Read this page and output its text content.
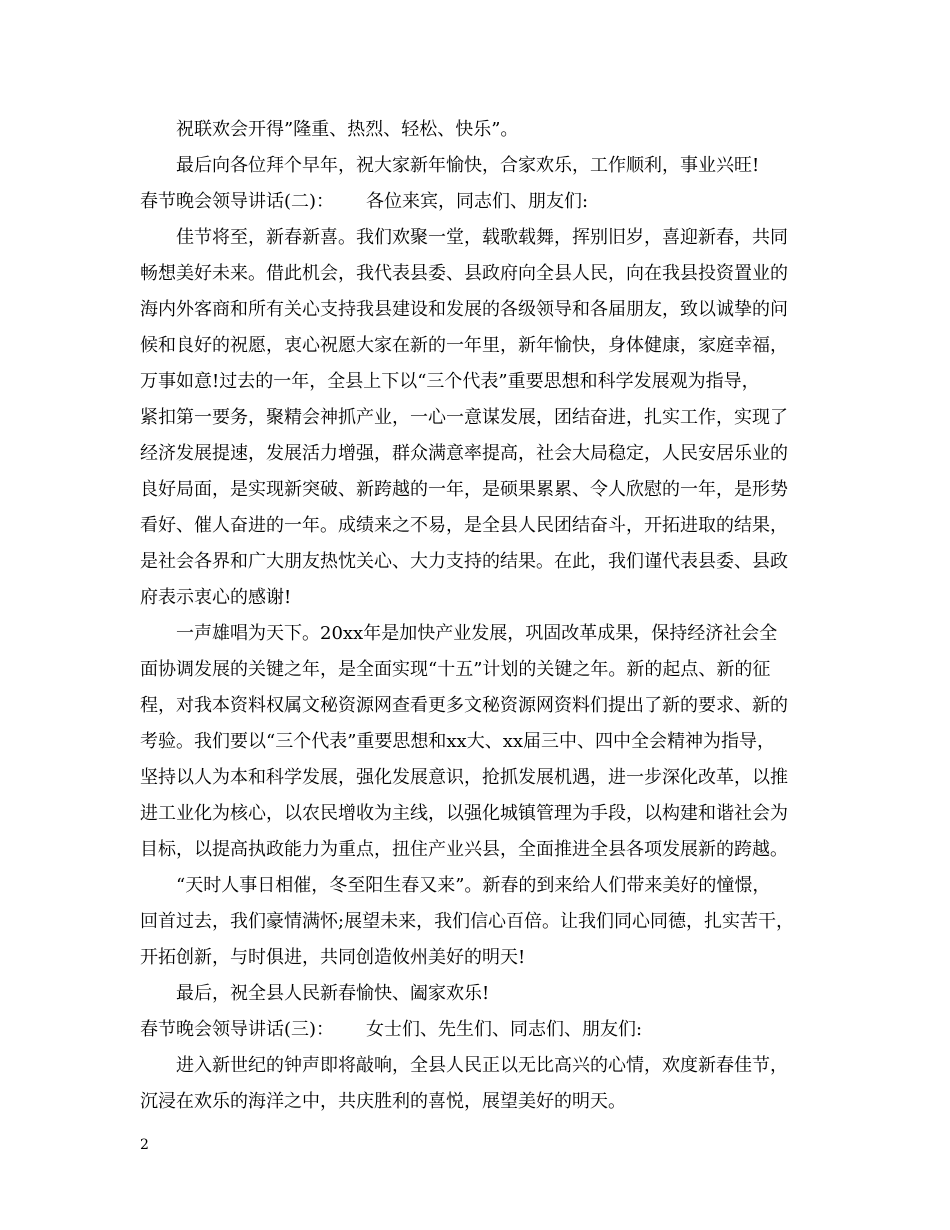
祝联欢会开得”隆重、热烈、轻松、快乐”。
最后向各位拜个早年，祝大家新年愉快，合家欢乐，工作顺利，事业兴旺!
春节晚会领导讲话(二)： 各位来宾，同志们、朋友们:
佳节将至，新春新喜。我们欢聚一堂，载歌载舞，挥别旧岁，喜迎新春，共同
畅想美好未来。借此机会，我代表县委、县政府向全县人民，向在我县投资置业的
海内外客商和所有关心支持我县建设和发展的各级领导和各届朋友，致以诚挚的问
候和良好的祝愿，衷心祝愿大家在新的一年里，新年愉快，身体健康，家庭幸福，
万事如意!过去的一年，全县上下以“三个代表”重要思想和科学发展观为指导，
紧扣第一要务，聚精会神抓产业，一心一意谋发展，团结奋进，扎实工作，实现了
经济发展提速，发展活力增强，群众满意率提高，社会大局稳定，人民安居乐业的
良好局面，是实现新突破、新跨越的一年，是硕果累累、令人欣慰的一年，是形势
看好、催人奋进的一年。成绩来之不易，是全县人民团结奋斗，开拓进取的结果，
是社会各界和广大朋友热忱关心、大力支持的结果。在此，我们谨代表县委、县政
府表示衷心的感谢!
一声雄唱为天下。20xx年是加快产业发展，巩固改革成果，保持经济社会全
面协调发展的关键之年，是全面实现“十五”计划的关键之年。新的起点、新的征
程，对我本资料权属文秘资源网查看更多文秘资源网资料们提出了新的要求、新的
考验。我们要以“三个代表”重要思想和xx大、xx届三中、四中全会精神为指导，
坚持以人为本和科学发展，强化发展意识，抢抓发展机遇，进一步深化改革，以推
进工业化为核心，以农民增收为主线，以强化城镇管理为手段，以构建和谐社会为
目标，以提高执政能力为重点，扭住产业兴县，全面推进全县各项发展新的跨越。
“天时人事日相催，冬至阳生春又来”。新春的到来给人们带来美好的憧憬，
回首过去，我们豪情满怀;展望未来，我们信心百倍。让我们同心同德，扎实苦干，
开拓创新，与时俱进，共同创造攸州美好的明天!
最后，祝全县人民新春愉快、阖家欢乐!
春节晚会领导讲话(三)： 女士们、先生们、同志们、朋友们:
进入新世纪的钟声即将敲响，全县人民正以无比高兴的心情，欢度新春佳节，
沉浸在欢乐的海洋之中，共庆胜利的喜悦，展望美好的明天。
2
